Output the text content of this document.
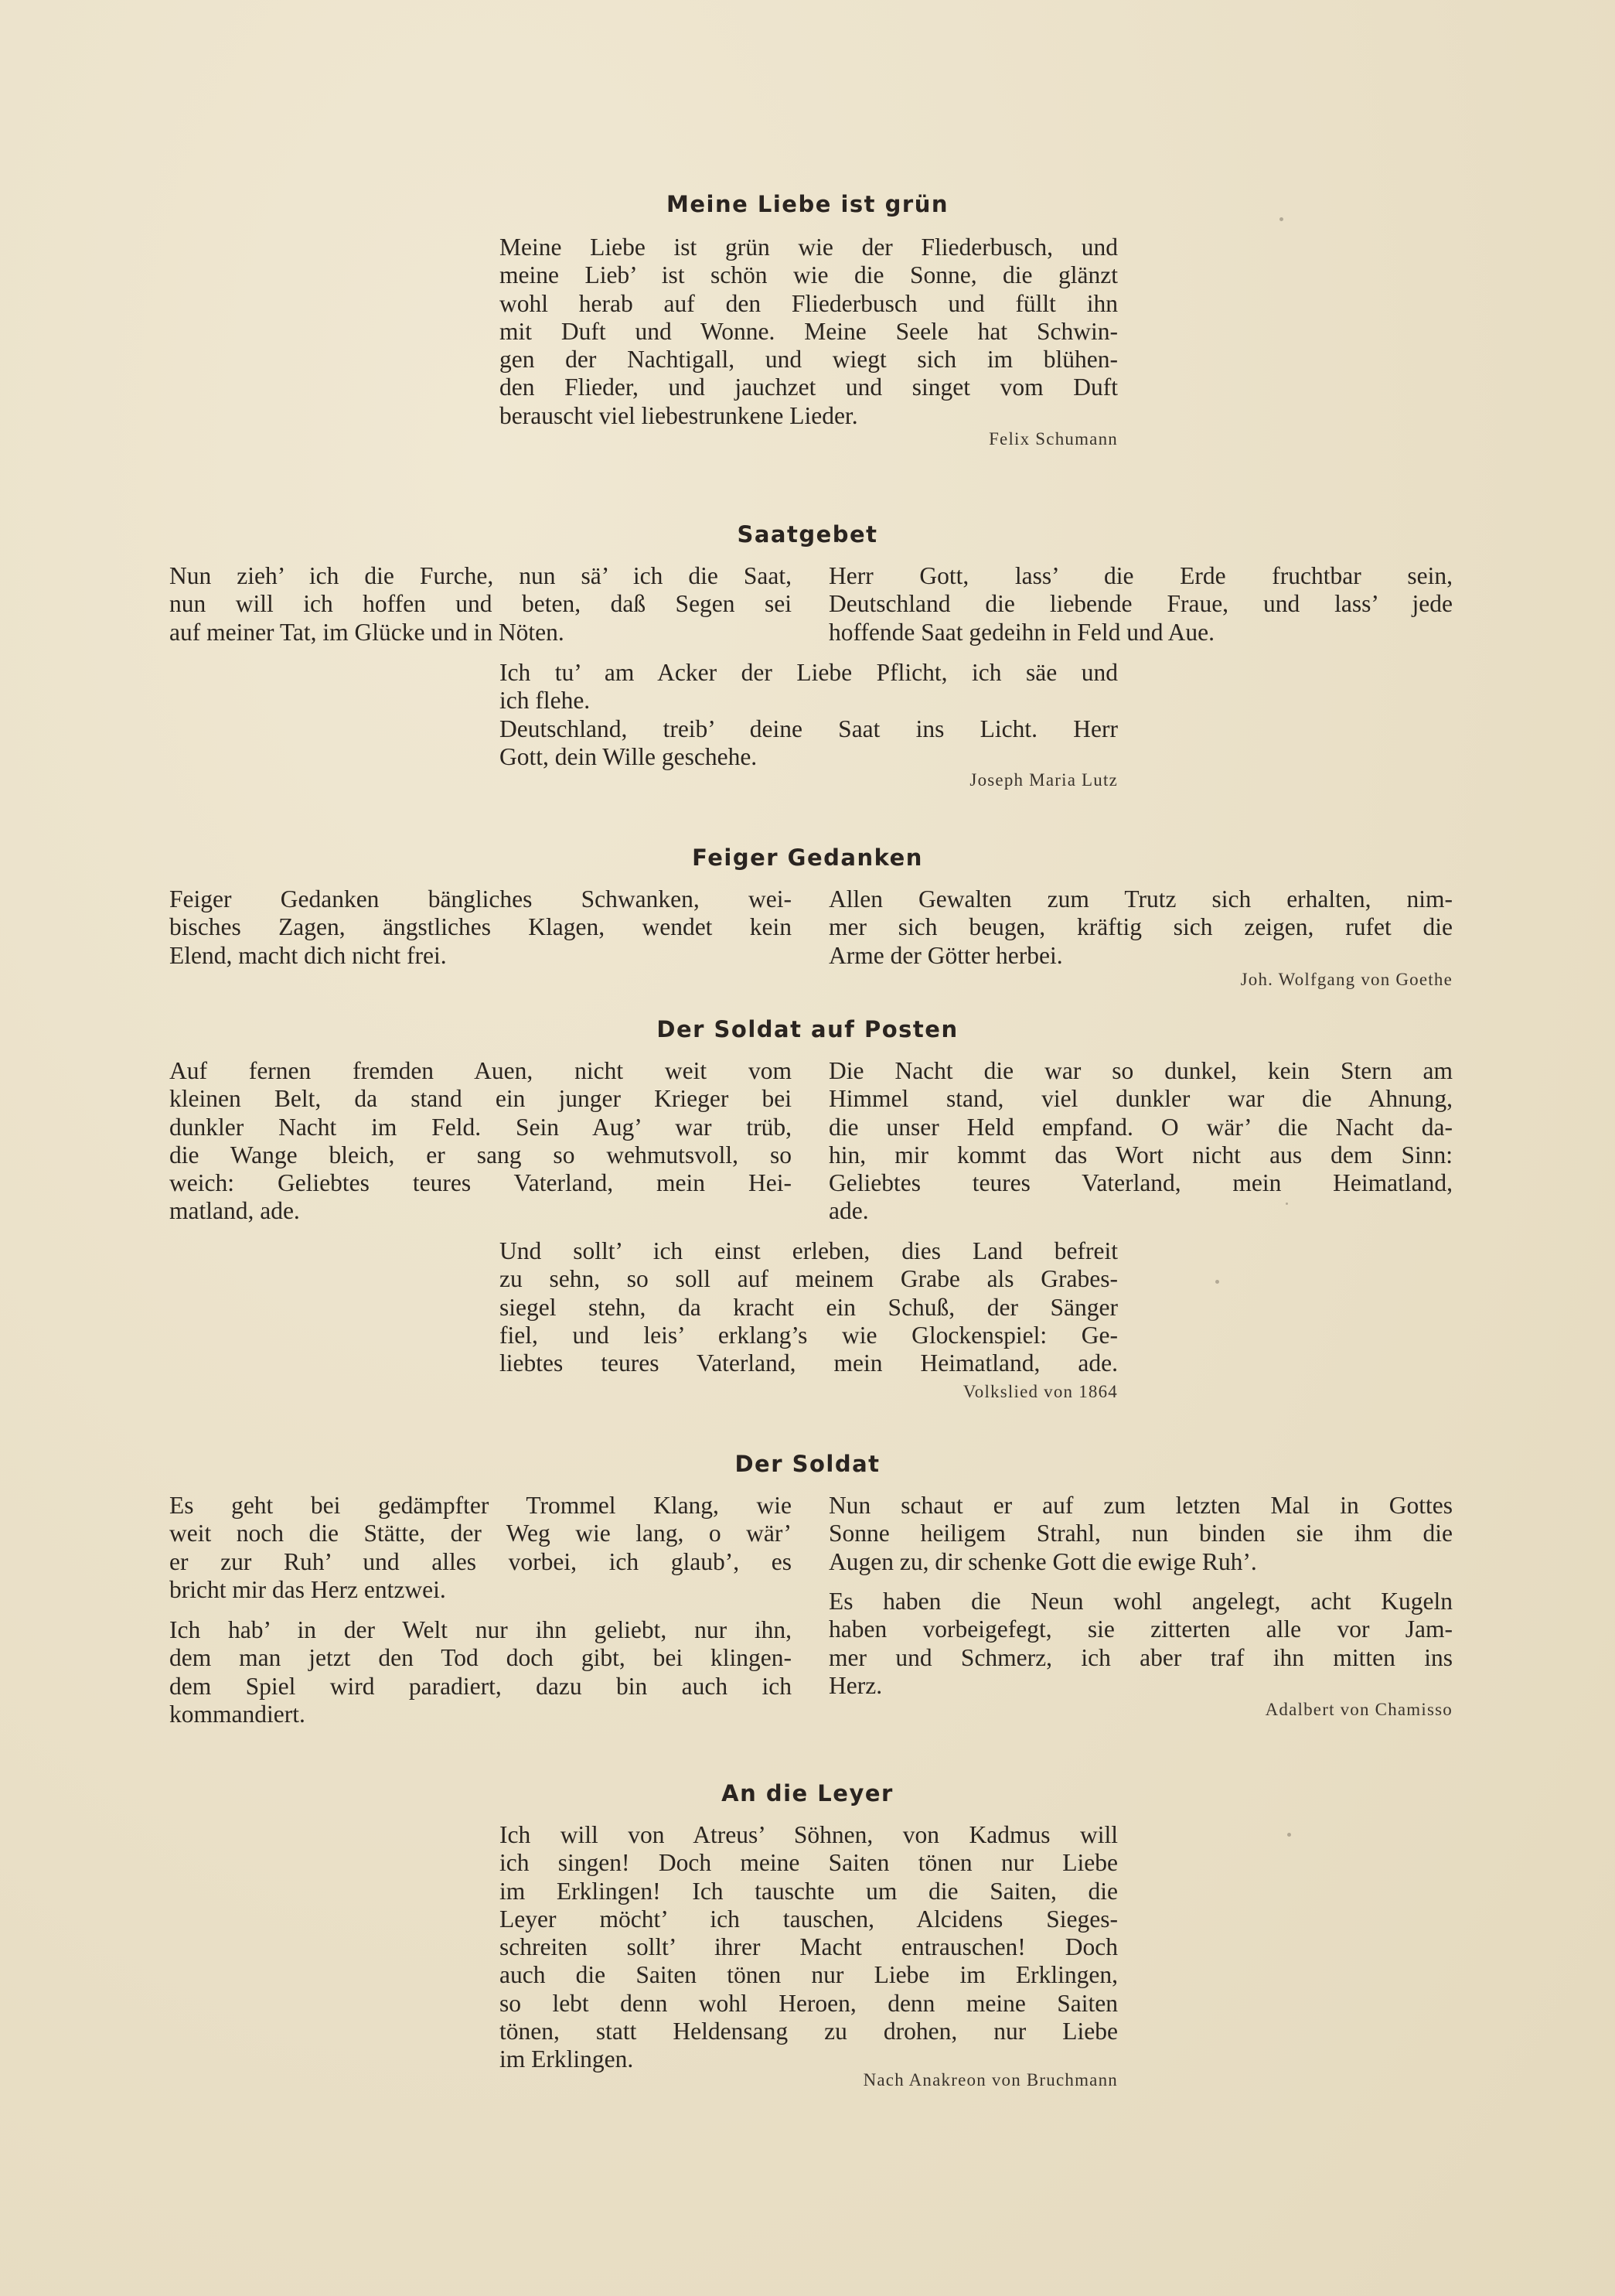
Meine Liebe ist grün
Meine Liebe ist grün wie der Fliederbusch, und
meine Lieb’ ist schön wie die Sonne, die glänzt
wohl herab auf den Fliederbusch und füllt ihn
mit Duft und Wonne. Meine Seele hat Schwin-
gen der Nachtigall, und wiegt sich im blühen-
den Flieder, und jauchzet und singet vom Duft
berauscht viel liebestrunkene Lieder.
Felix Schumann
Saatgebet
Nun zieh’ ich die Furche, nun sä’ ich die Saat,
nun will ich hoffen und beten, daß Segen sei
auf meiner Tat, im Glücke und in Nöten.
Herr Gott, lass’ die Erde fruchtbar sein,
Deutschland die liebende Fraue, und lass’ jede
hoffende Saat gedeihn in Feld und Aue.
Ich tu’ am Acker der Liebe Pflicht, ich säe und
ich flehe.
Deutschland, treib’ deine Saat ins Licht. Herr
Gott, dein Wille geschehe.
Joseph Maria Lutz
Feiger Gedanken
Feiger Gedanken bängliches Schwanken, wei-
bisches Zagen, ängstliches Klagen, wendet kein
Elend, macht dich nicht frei.
Allen Gewalten zum Trutz sich erhalten, nim-
mer sich beugen, kräftig sich zeigen, rufet die
Arme der Götter herbei.
Joh. Wolfgang von Goethe
Der Soldat auf Posten
Auf fernen fremden Auen, nicht weit vom
kleinen Belt, da stand ein junger Krieger bei
dunkler Nacht im Feld. Sein Aug’ war trüb,
die Wange bleich, er sang so wehmutsvoll, so
weich: Geliebtes teures Vaterland, mein Hei-
matland, ade.
Die Nacht die war so dunkel, kein Stern am
Himmel stand, viel dunkler war die Ahnung,
die unser Held empfand. O wär’ die Nacht da-
hin, mir kommt das Wort nicht aus dem Sinn:
Geliebtes teures Vaterland, mein Heimatland,
ade.
Und sollt’ ich einst erleben, dies Land befreit
zu sehn, so soll auf meinem Grabe als Grabes-
siegel stehn, da kracht ein Schuß, der Sänger
fiel, und leis’ erklang’s wie Glockenspiel: Ge-
liebtes teures Vaterland, mein Heimatland, ade.
Volkslied von 1864
Der Soldat
Es geht bei gedämpfter Trommel Klang, wie
weit noch die Stätte, der Weg wie lang, o wär’
er zur Ruh’ und alles vorbei, ich glaub’, es
bricht mir das Herz entzwei.
Ich hab’ in der Welt nur ihn geliebt, nur ihn,
dem man jetzt den Tod doch gibt, bei klingen-
dem Spiel wird paradiert, dazu bin auch ich
kommandiert.
Nun schaut er auf zum letzten Mal in Gottes
Sonne heiligem Strahl, nun binden sie ihm die
Augen zu, dir schenke Gott die ewige Ruh’.
Es haben die Neun wohl angelegt, acht Kugeln
haben vorbeigefegt, sie zitterten alle vor Jam-
mer und Schmerz, ich aber traf ihn mitten ins
Herz.
Adalbert von Chamisso
An die Leyer
Ich will von Atreus’ Söhnen, von Kadmus will
ich singen! Doch meine Saiten tönen nur Liebe
im Erklingen! Ich tauschte um die Saiten, die
Leyer möcht’ ich tauschen, Alcidens Sieges-
schreiten sollt’ ihrer Macht entrauschen! Doch
auch die Saiten tönen nur Liebe im Erklingen,
so lebt denn wohl Heroen, denn meine Saiten
tönen, statt Heldensang zu drohen, nur Liebe
im Erklingen.
Nach Anakreon von Bruchmann
